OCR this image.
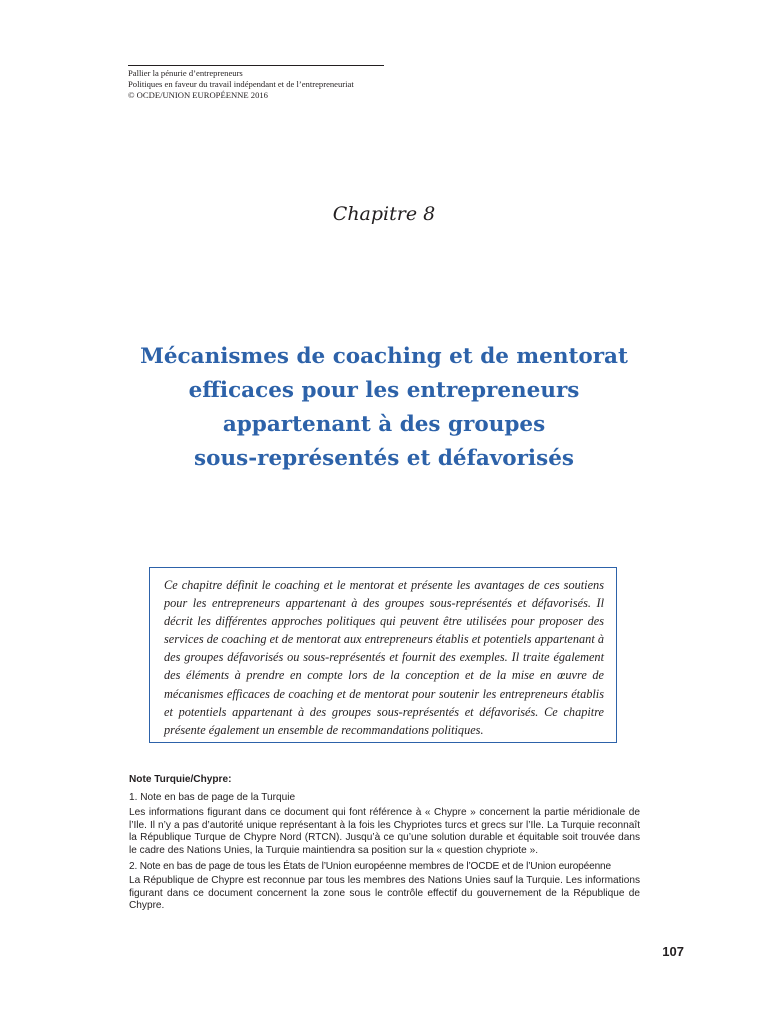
Pallier la pénurie d’entrepreneurs
Politiques en faveur du travail indépendant et de l’entrepreneuriat
© OCDE/UNION EUROPÉENNE 2016
Chapitre 8
Mécanismes de coaching et de mentorat
efficaces pour les entrepreneurs
appartenant à des groupes
sous-représentés et défavorisés
Ce chapitre définit le coaching et le mentorat et présente les avantages de ces soutiens pour les entrepreneurs appartenant à des groupes sous-représentés et défavorisés. Il décrit les différentes approches politiques qui peuvent être utilisées pour proposer des services de coaching et de mentorat aux entrepreneurs établis et potentiels appartenant à des groupes défavorisés ou sous-représentés et fournit des exemples. Il traite également des éléments à prendre en compte lors de la conception et de la mise en œuvre de mécanismes efficaces de coaching et de mentorat pour soutenir les entrepreneurs établis et potentiels appartenant à des groupes sous-représentés et défavorisés. Ce chapitre présente également un ensemble de recommandations politiques.
Note Turquie/Chypre:
1. Note en bas de page de la Turquie
Les informations figurant dans ce document qui font référence à « Chypre » concernent la partie méridionale de l’Ile. Il n’y a pas d’autorité unique représentant à la fois les Chypriotes turcs et grecs sur l’Ile. La Turquie reconnaît la République Turque de Chypre Nord (RTCN). Jusqu’à ce qu’une solution durable et équitable soit trouvée dans le cadre des Nations Unies, la Turquie maintiendra sa position sur la « question chypriote ».
2. Note en bas de page de tous les États de l’Union européenne membres de l’OCDE et de l’Union européenne
La République de Chypre est reconnue par tous les membres des Nations Unies sauf la Turquie. Les informations figurant dans ce document concernent la zone sous le contrôle effectif du gouvernement de la République de Chypre.
107
